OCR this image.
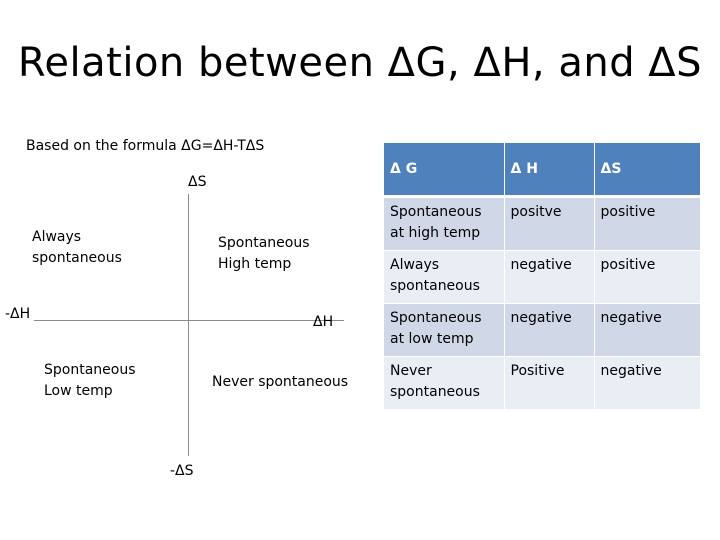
Relation between ΔG, ΔH, and ΔS
Based on the formula ΔG=ΔH-TΔS
ΔS
-ΔS
-ΔH	ΔH
Always
spontaneous
Spontaneous
High temp
Spontaneous
Low temp
Never spontaneous
Δ G	Δ H	ΔS
Spontaneous at high temp	positve	positive
Always spontaneous	negative	positive
Spontaneous at low temp	negative	negative
Never spontaneous	Positive	negative
